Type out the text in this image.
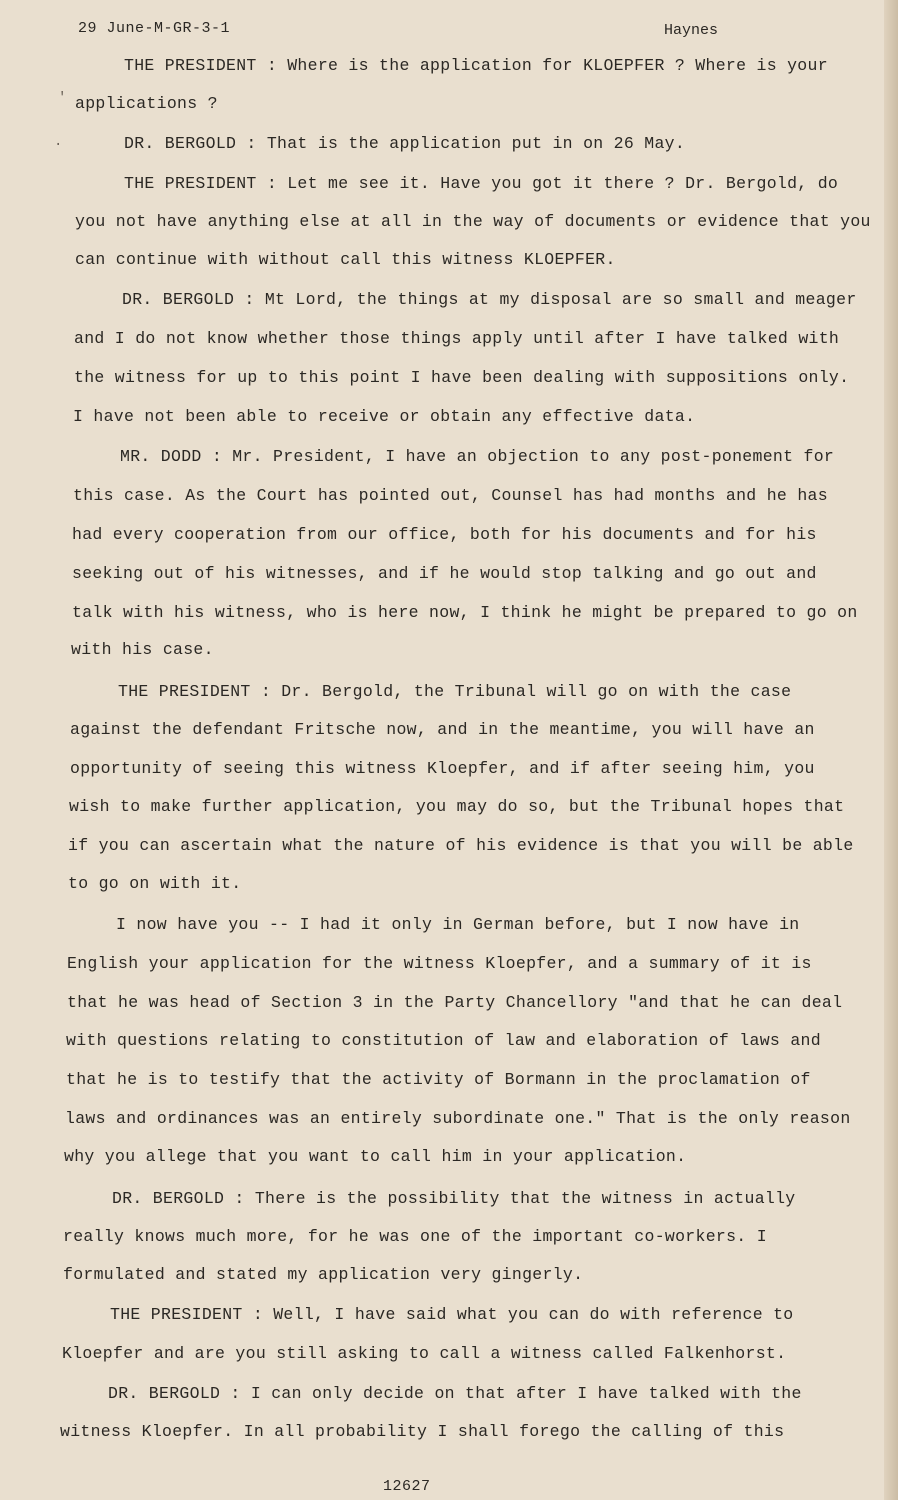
29 June-M-GR-3-1	Haynes
'
.
THE PRESIDENT : Where is the application for KLOEPFER ? Where is your
applications ?
DR. BERGOLD : That is the application put in on 26 May.
THE PRESIDENT : Let me see it. Have you got it there ? Dr. Bergold, do
you not have anything else at all in the way of documents or evidence that you
can continue with without call this witness KLOEPFER.
DR. BERGOLD : Mt Lord, the things at my disposal are so small and meager
and I do not know whether those things apply until after I have talked with
the witness for up to this point I have been dealing with suppositions only.
I have not been able to receive or obtain any effective data.
MR. DODD : Mr. President, I have an objection to any post-ponement for
this case. As the Court has pointed out, Counsel has had months and he has
had every cooperation from our office, both for his documents and for his
seeking out of his witnesses, and if he would stop talking and go out and
talk with his witness, who is here now, I think he might be prepared to go on
with his case.
THE PRESIDENT : Dr. Bergold, the Tribunal will go on with the case
against the defendant Fritsche now, and in the meantime, you will have an
opportunity of seeing this witness Kloepfer, and if after seeing him, you
wish to make further application, you may do so, but the Tribunal hopes that
if you can ascertain what the nature of his evidence is that you will be able
to go on with it.
I now have you -- I had it only in German before, but I now have in
English your application for the witness Kloepfer, and a summary of it is
that he was head of Section 3 in the Party Chancellory "and that he can deal
with questions relating to constitution of law and elaboration of laws and
that he is to testify that the activity of Bormann in the proclamation of
laws and ordinances was an entirely subordinate one." That is the only reason
why you allege that you want to call him in your application.
DR. BERGOLD : There is the possibility that the witness in actually
really knows much more, for he was one of the important co-workers. I
formulated and stated my application very gingerly.
THE PRESIDENT : Well, I have said what you can do with reference to
Kloepfer and are you still asking to call a witness called Falkenhorst.
DR. BERGOLD : I can only decide on that after I have talked with the
witness Kloepfer. In all probability I shall forego the calling of this
12627
